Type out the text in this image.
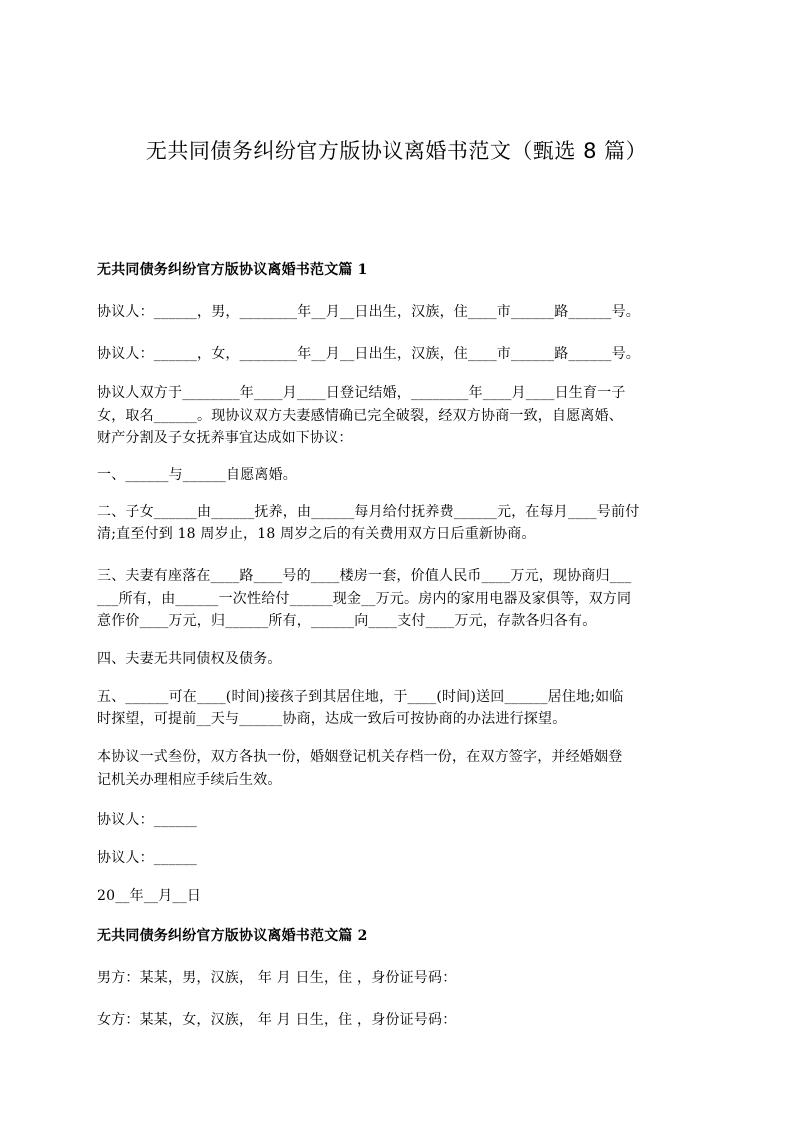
无共同债务纠纷官方版协议离婚书范文（甄选 8 篇）
无共同债务纠纷官方版协议离婚书范文篇 1
协议人：______，男，________年__月__日出生，汉族，住____市______路______号。
协议人：______，女，________年__月__日出生，汉族，住____市______路______号。
协议人双方于________年____月____日登记结婚，________年____月____日生育一子
女，取名______。现协议双方夫妻感情确已完全破裂，经双方协商一致，自愿离婚、
财产分割及子女抚养事宜达成如下协议：
一、______与______自愿离婚。
二、子女______由______抚养，由______每月给付抚养费______元，在每月____号前付
清;直至付到 18 周岁止，18 周岁之后的有关费用双方日后重新协商。
三、夫妻有座落在____路____号的____楼房一套，价值人民币____万元，现协商归___
___所有，由______一次性给付______现金__万元。房内的家用电器及家俱等，双方同
意作价____万元，归______所有，______向____支付____万元，存款各归各有。
四、夫妻无共同债权及债务。
五、______可在____(时间)接孩子到其居住地，于____(时间)送回______居住地;如临
时探望，可提前__天与______协商，达成一致后可按协商的办法进行探望。
本协议一式叁份，双方各执一份，婚姻登记机关存档一份，在双方签字，并经婚姻登
记机关办理相应手续后生效。
协议人：______
协议人：______
20__年__月__日
无共同债务纠纷官方版协议离婚书范文篇 2
男方：某某，男，汉族， 年 月 日生，住 ，身份证号码：
女方：某某，女，汉族， 年 月 日生，住 ，身份证号码：
